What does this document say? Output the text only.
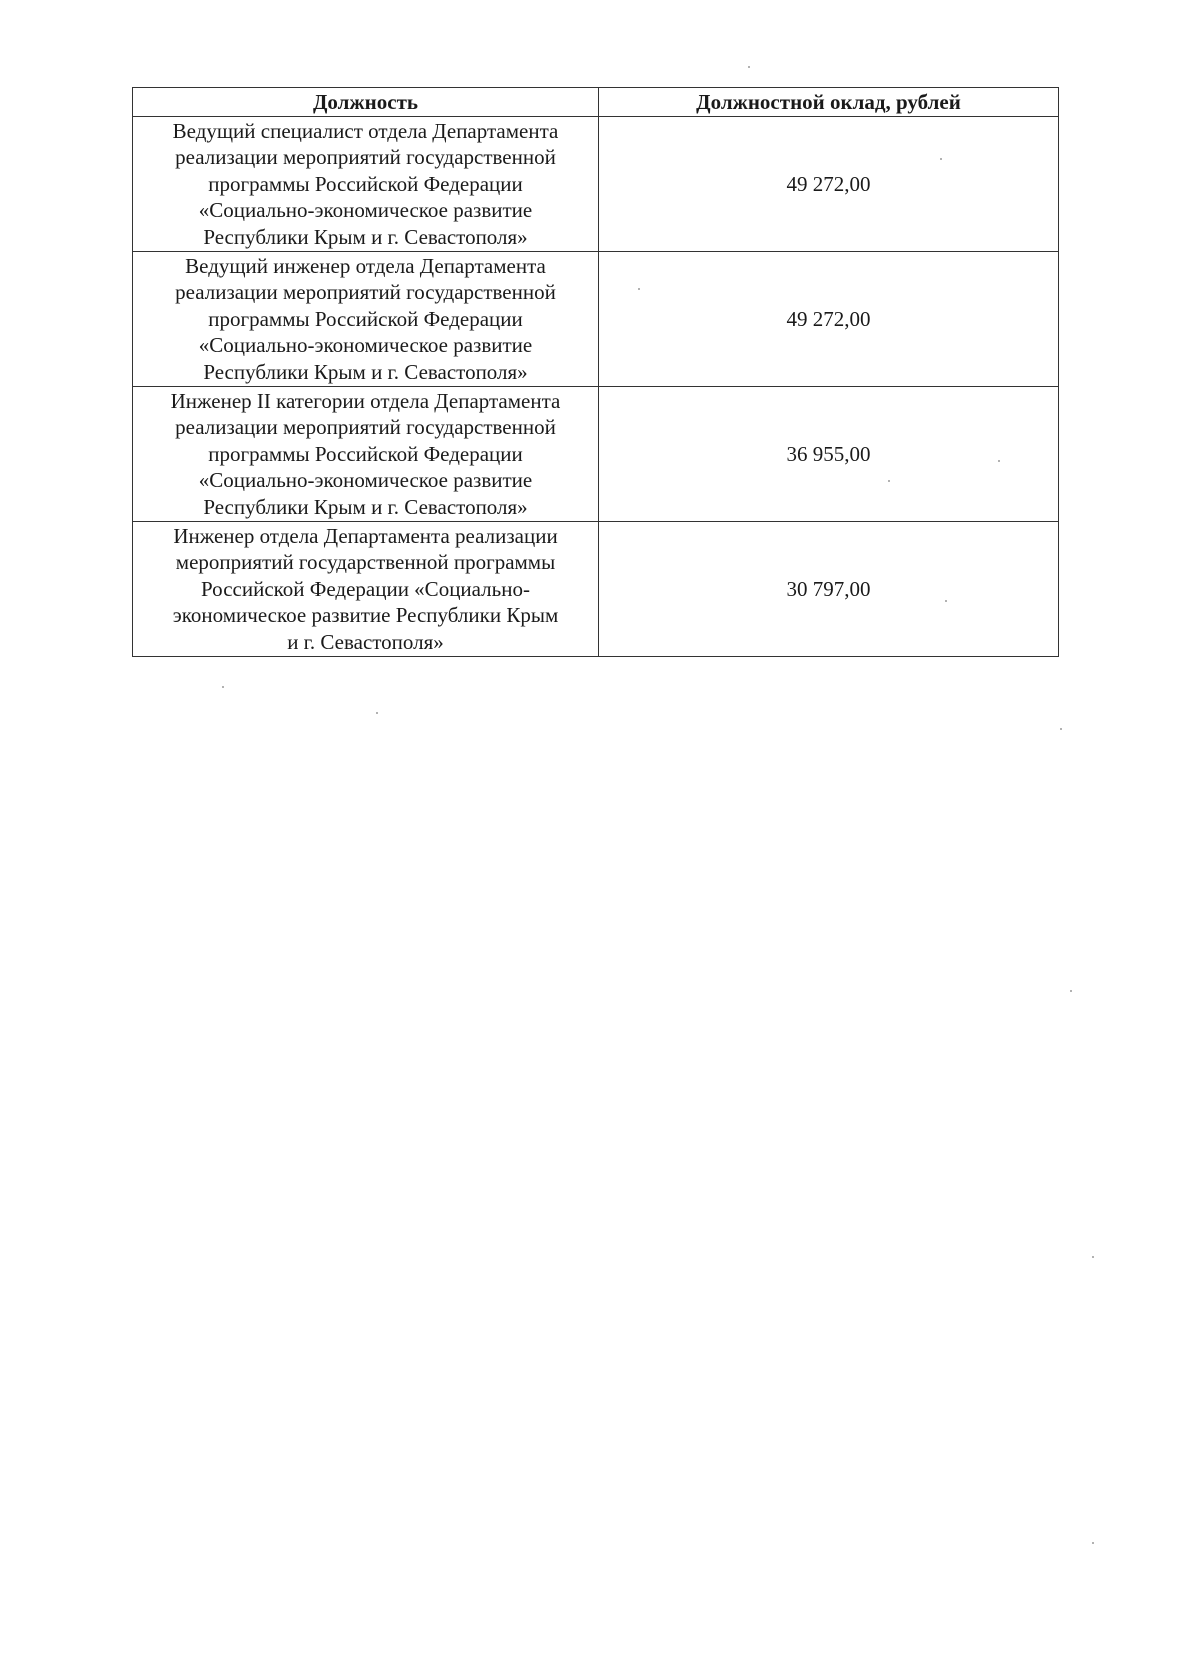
Должность	Должностной оклад, рублей

Ведущий специалист отдела Департамента
реализации мероприятий государственной
программы Российской Федерации
«Социально-экономическое развитие
Республики Крым и г. Севастополя»	49 272,00

Ведущий инженер отдела Департамента
реализации мероприятий государственной
программы Российской Федерации
«Социально-экономическое развитие
Республики Крым и г. Севастополя»	49 272,00

Инженер II категории отдела Департамента
реализации мероприятий государственной
программы Российской Федерации
«Социально-экономическое развитие
Республики Крым и г. Севастополя»	36 955,00

Инженер отдела Департамента реализации
мероприятий государственной программы
Российской Федерации «Социально-
экономическое развитие Республики Крым
и г. Севастополя»	30 797,00
